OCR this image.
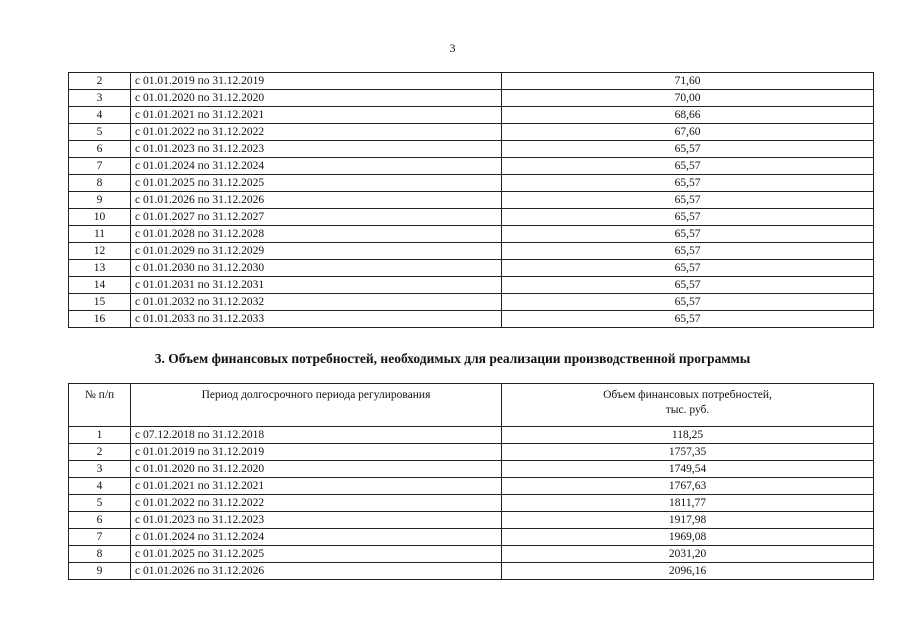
3
2	с 01.01.2019 по 31.12.2019	71,60
3	с 01.01.2020 по 31.12.2020	70,00
4	с 01.01.2021 по 31.12.2021	68,66
5	с 01.01.2022 по 31.12.2022	67,60
6	с 01.01.2023 по 31.12.2023	65,57
7	с 01.01.2024 по 31.12.2024	65,57
8	с 01.01.2025 по 31.12.2025	65,57
9	с 01.01.2026 по 31.12.2026	65,57
10	с 01.01.2027 по 31.12.2027	65,57
11	с 01.01.2028 по 31.12.2028	65,57
12	с 01.01.2029 по 31.12.2029	65,57
13	с 01.01.2030 по 31.12.2030	65,57
14	с 01.01.2031 по 31.12.2031	65,57
15	с 01.01.2032 по 31.12.2032	65,57
16	с 01.01.2033 по 31.12.2033	65,57
3. Объем финансовых потребностей, необходимых для реализации производственной программы
№ п/п	Период долгосрочного периода регулирования	Объем финансовых потребностей,
тыс. руб.

1	с 07.12.2018 по 31.12.2018	118,25
2	с 01.01.2019 по 31.12.2019	1757,35
3	с 01.01.2020 по 31.12.2020	1749,54
4	с 01.01.2021 по 31.12.2021	1767,63
5	с 01.01.2022 по 31.12.2022	1811,77
6	с 01.01.2023 по 31.12.2023	1917,98
7	с 01.01.2024 по 31.12.2024	1969,08
8	с 01.01.2025 по 31.12.2025	2031,20
9	с 01.01.2026 по 31.12.2026	2096,16
